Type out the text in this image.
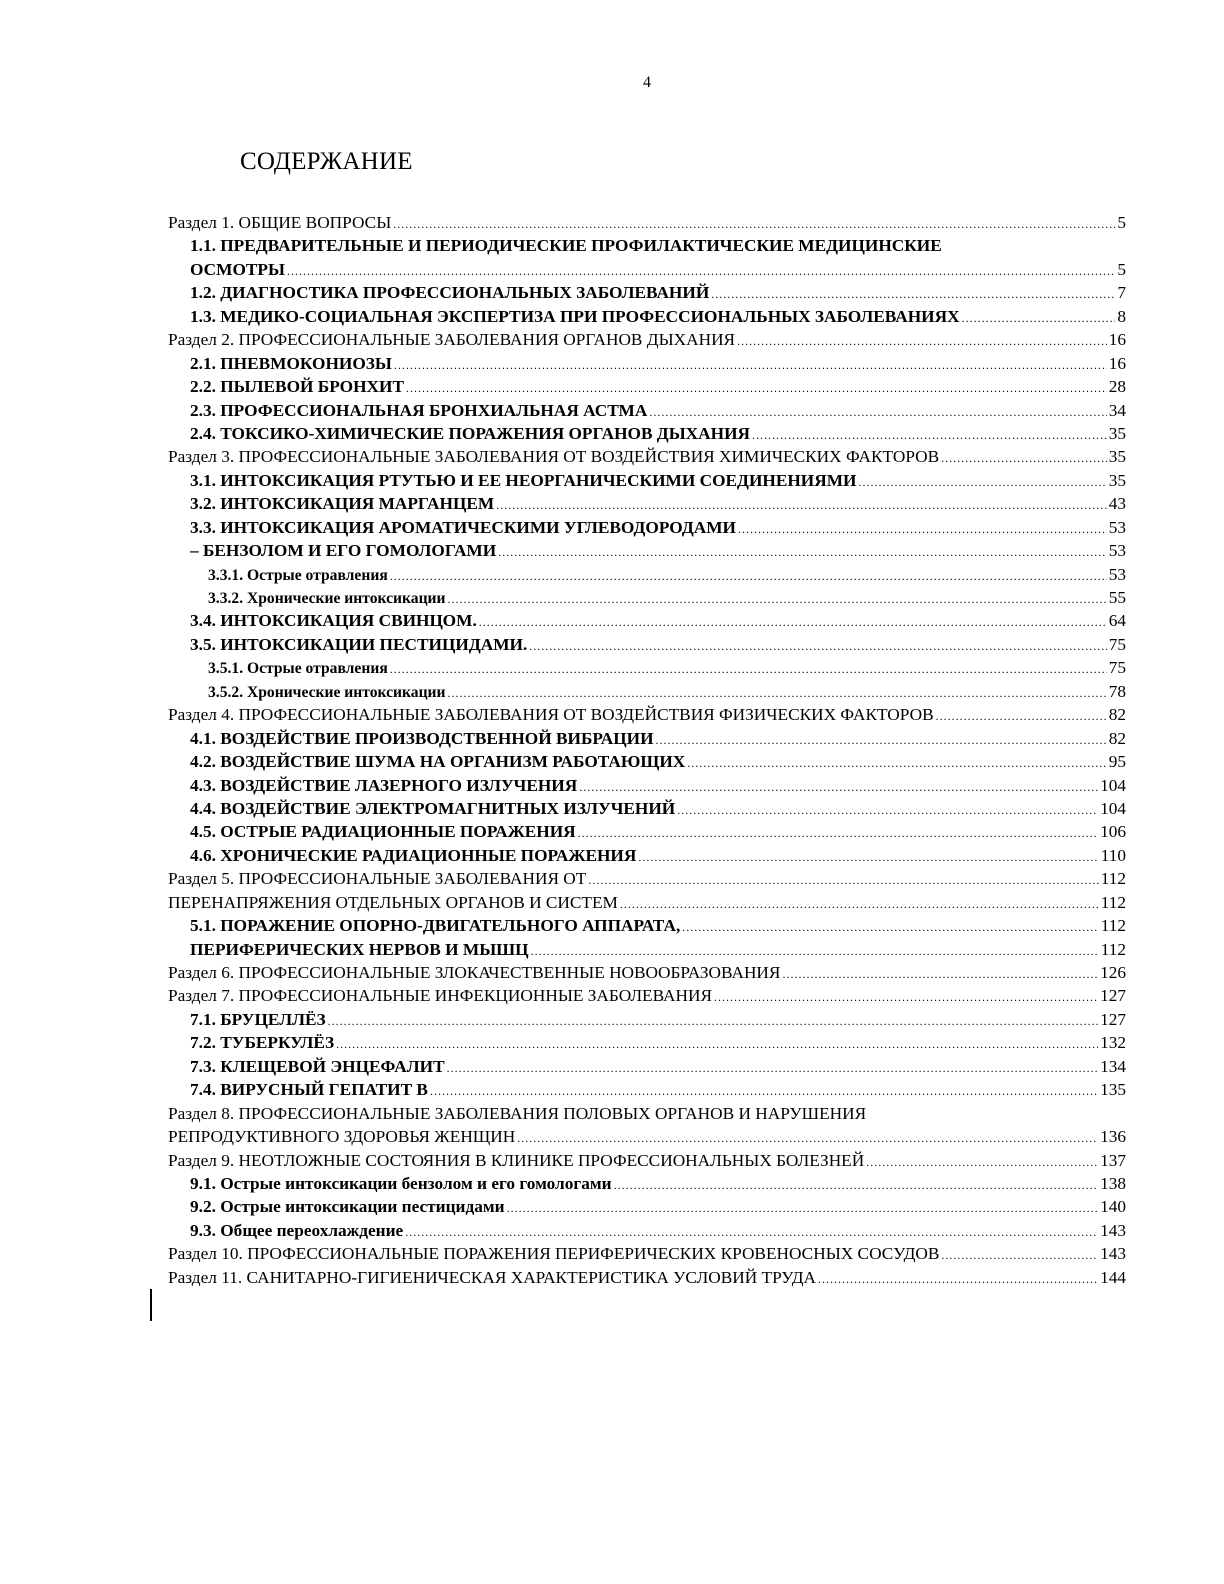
4
СОДЕРЖАНИЕ
Раздел 1. ОБЩИЕ ВОПРОСЫ .....	5
1.1. ПРЕДВАРИТЕЛЬНЫЕ И ПЕРИОДИЧЕСКИЕ ПРОФИЛАКТИЧЕСКИЕ МЕДИЦИНСКИЕ
ОСМОТРЫ .....	5
1.2. ДИАГНОСТИКА ПРОФЕССИОНАЛЬНЫХ ЗАБОЛЕВАНИЙ .....	7
1.3. МЕДИКО-СОЦИАЛЬНАЯ ЭКСПЕРТИЗА ПРИ ПРОФЕССИОНАЛЬНЫХ ЗАБОЛЕВАНИЯХ .....	8
Раздел 2. ПРОФЕССИОНАЛЬНЫЕ ЗАБОЛЕВАНИЯ ОРГАНОВ ДЫХАНИЯ .....	16
2.1. ПНЕВМОКОНИОЗЫ .....	16
2.2. ПЫЛЕВОЙ БРОНХИТ .....	28
2.3. ПРОФЕССИОНАЛЬНАЯ БРОНХИАЛЬНАЯ АСТМА .....	34
2.4. ТОКСИКО-ХИМИЧЕСКИЕ ПОРАЖЕНИЯ ОРГАНОВ ДЫХАНИЯ .....	35
Раздел 3. ПРОФЕССИОНАЛЬНЫЕ ЗАБОЛЕВАНИЯ ОТ ВОЗДЕЙСТВИЯ ХИМИЧЕСКИХ ФАКТОРОВ .....	35
3.1. ИНТОКСИКАЦИЯ РТУТЬЮ И ЕЕ НЕОРГАНИЧЕСКИМИ СОЕДИНЕНИЯМИ .....	35
3.2. ИНТОКСИКАЦИЯ МАРГАНЦЕМ .....	43
3.3. ИНТОКСИКАЦИЯ АРОМАТИЧЕСКИМИ УГЛЕВОДОРОДАМИ .....	53
– БЕНЗОЛОМ И ЕГО ГОМОЛОГАМИ .....	53
3.3.1. Острые отравления .....	53
3.3.2. Хронические интоксикации .....	55
3.4. ИНТОКСИКАЦИЯ СВИНЦОМ. .....	64
3.5. ИНТОКСИКАЦИИ ПЕСТИЦИДАМИ. .....	75
3.5.1. Острые отравления .....	75
3.5.2. Хронические интоксикации .....	78
Раздел 4. ПРОФЕССИОНАЛЬНЫЕ ЗАБОЛЕВАНИЯ ОТ ВОЗДЕЙСТВИЯ ФИЗИЧЕСКИХ ФАКТОРОВ .....	82
4.1. ВОЗДЕЙСТВИЕ ПРОИЗВОДСТВЕННОЙ ВИБРАЦИИ .....	82
4.2. ВОЗДЕЙСТВИЕ ШУМА НА ОРГАНИЗМ РАБОТАЮЩИХ .....	95
4.3. ВОЗДЕЙСТВИЕ ЛАЗЕРНОГО ИЗЛУЧЕНИЯ .....	104
4.4. ВОЗДЕЙСТВИЕ ЭЛЕКТРОМАГНИТНЫХ ИЗЛУЧЕНИЙ .....	104
4.5. ОСТРЫЕ РАДИАЦИОННЫЕ ПОРАЖЕНИЯ .....	106
4.6. ХРОНИЧЕСКИЕ РАДИАЦИОННЫЕ ПОРАЖЕНИЯ .....	110
Раздел 5. ПРОФЕССИОНАЛЬНЫЕ ЗАБОЛЕВАНИЯ ОТ .....	112
ПЕРЕНАПРЯЖЕНИЯ ОТДЕЛЬНЫХ ОРГАНОВ И СИСТЕМ .....	112
5.1. ПОРАЖЕНИЕ ОПОРНО-ДВИГАТЕЛЬНОГО АППАРАТА, .....	112
ПЕРИФЕРИЧЕСКИХ НЕРВОВ И МЫШЦ .....	112
Раздел 6. ПРОФЕССИОНАЛЬНЫЕ ЗЛОКАЧЕСТВЕННЫЕ НОВООБРАЗОВАНИЯ .....	126
Раздел 7. ПРОФЕССИОНАЛЬНЫЕ ИНФЕКЦИОННЫЕ ЗАБОЛЕВАНИЯ .....	127
7.1. БРУЦЕЛЛЁЗ .....	127
7.2. ТУБЕРКУЛЁЗ .....	132
7.3. КЛЕЩЕВОЙ ЭНЦЕФАЛИТ .....	134
7.4. ВИРУСНЫЙ ГЕПАТИТ В .....	135
Раздел 8. ПРОФЕССИОНАЛЬНЫЕ ЗАБОЛЕВАНИЯ ПОЛОВЫХ ОРГАНОВ И НАРУШЕНИЯ
РЕПРОДУКТИВНОГО ЗДОРОВЬЯ ЖЕНЩИН .....	136
Раздел 9. НЕОТЛОЖНЫЕ СОСТОЯНИЯ В КЛИНИКЕ ПРОФЕССИОНАЛЬНЫХ БОЛЕЗНЕЙ .....	137
9.1. Острые интоксикации бензолом и его гомологами .....	138
9.2. Острые интоксикации пестицидами .....	140
9.3. Общее переохлаждение .....	143
Раздел 10. ПРОФЕССИОНАЛЬНЫЕ ПОРАЖЕНИЯ ПЕРИФЕРИЧЕСКИХ КРОВЕНОСНЫХ СОСУДОВ .....	143
Раздел 11. САНИТАРНО-ГИГИЕНИЧЕСКАЯ ХАРАКТЕРИСТИКА УСЛОВИЙ ТРУДА .....	144
